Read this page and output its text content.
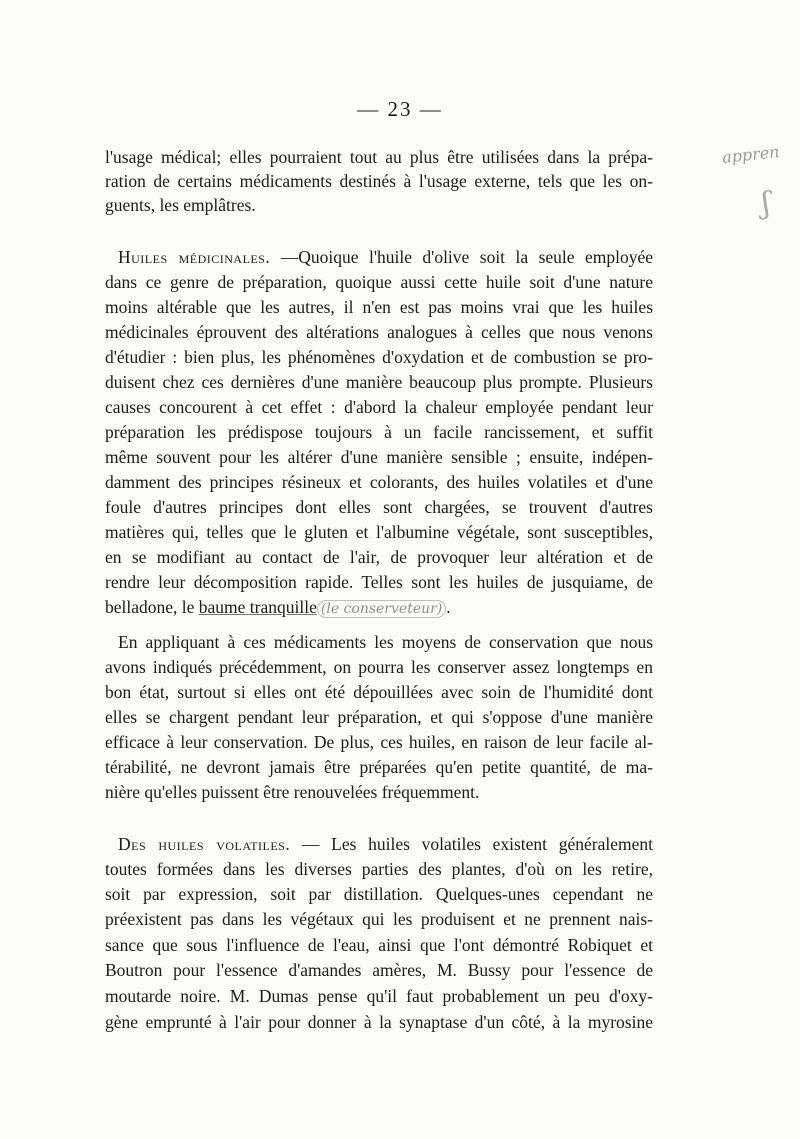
— 23 —
appren
ʃ
l'usage médical; elles pourraient tout au plus être utilisées dans la prépa-
ration de certains médicaments destinés à l'usage externe, tels que les on-
guents, les emplâtres.
Huiles médicinales. —Quoique l'huile d'olive soit la seule employée
dans ce genre de préparation, quoique aussi cette huile soit d'une nature
moins altérable que les autres, il n'en est pas moins vrai que les huiles
médicinales éprouvent des altérations analogues à celles que nous venons
d'étudier : bien plus, les phénomènes d'oxydation et de combustion se pro-
duisent chez ces dernières d'une manière beaucoup plus prompte. Plusieurs
causes concourent à cet effet : d'abord la chaleur employée pendant leur
préparation les prédispose toujours à un facile rancissement, et suffit
même souvent pour les altérer d'une manière sensible ; ensuite, indépen-
damment des principes résineux et colorants, des huiles volatiles et d'une
foule d'autres principes dont elles sont chargées, se trouvent d'autres
matières qui, telles que le gluten et l'albumine végétale, sont susceptibles,
en se modifiant au contact de l'air, de provoquer leur altération et de
rendre leur décomposition rapide. Telles sont les huiles de jusquiame, de
belladone, le baume tranquille (le conserveteur) .
En appliquant à ces médicaments les moyens de conservation que nous
avons indiqués précédemment, on pourra les conserver assez longtemps en
bon état, surtout si elles ont été dépouillées avec soin de l'humidité dont
elles se chargent pendant leur préparation, et qui s'oppose d'une manière
efficace à leur conservation. De plus, ces huiles, en raison de leur facile al-
térabilité, ne devront jamais être préparées qu'en petite quantité, de ma-
nière qu'elles puissent être renouvelées fréquemment.
Des huiles volatiles. — Les huiles volatiles existent généralement
toutes formées dans les diverses parties des plantes, d'où on les retire,
soit par expression, soit par distillation. Quelques-unes cependant ne
préexistent pas dans les végétaux qui les produisent et ne prennent nais-
sance que sous l'influence de l'eau, ainsi que l'ont démontré Robiquet et
Boutron pour l'essence d'amandes amères, M. Bussy pour l'essence de
moutarde noire. M. Dumas pense qu'il faut probablement un peu d'oxy-
gène emprunté à l'air pour donner à la synaptase d'un côté, à la myrosine
